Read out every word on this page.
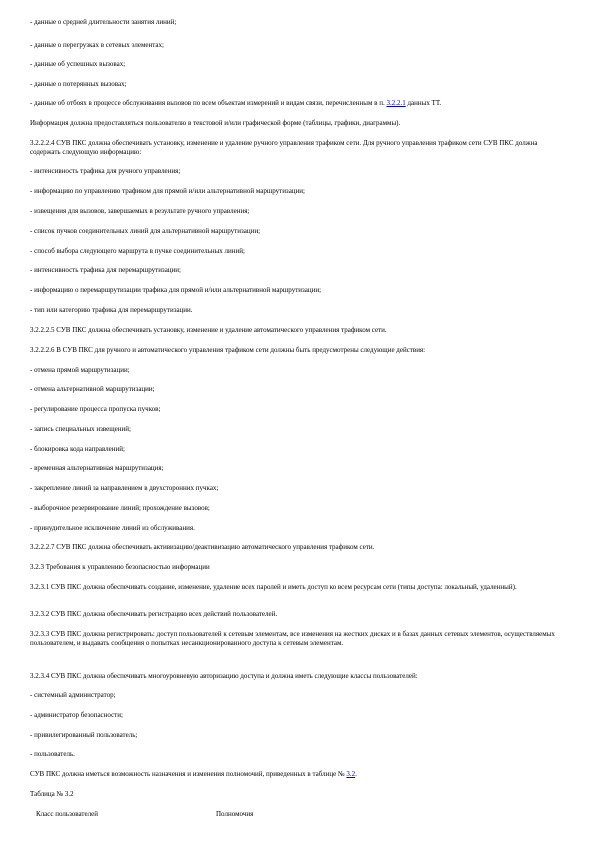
- данные о средней длительности занятия линий;

- данные о перегрузках в сетевых элементах;

- данные об успешных вызовах;

- данные о потерянных вызовах;

- данные об отбоях в процессе обслуживания вызовов по всем объектам измерений и видам связи, перечисленным в п. 3.2.2.1 данных ТТ.

Информация должна предоставляться пользователю в текстовой и/или графической форме (таблицы, графики, диаграммы).

3.2.2.2.4 СУВ ПКС должна обеспечивать установку, изменение и удаление ручного управления трафиком сети. Для ручного управления трафиком сети СУВ ПКС должна содержать следующую информацию:

- интенсивность трафика для ручного управления;

- информацию по управлению трафиком для прямой и/или альтернативной маршрутизации;

- извещения для вызовов, завершаемых в результате ручного управления;

- список пучков соединительных линий для альтернативной маршрутизации;

- способ выбора следующего маршрута в пучке соединительных линий;

- интенсивность трафика для перемаршрутизации;

- информацию о перемаршрутизации трафика для прямой и/или альтернативной маршрутизации;

- тип или категорию трафика для перемаршрутизации.

3.2.2.2.5 СУВ ПКС должна обеспечивать установку, изменение и удаление автоматического управления трафиком сети.

3.2.2.2.6 В СУВ ПКС для ручного и автоматического управления трафиком сети должны быть предусмотрены следующие действия:

- отмена прямой маршрутизации;

- отмена альтернативной маршрутизации;

- регулирование процесса пропуска пучков;

- запись специальных извещений;

- блокировка кода направлений;

- временная альтернативная маршрутизация;

- закрепление линий за направлением в двухсторонних пучках;

- выборочное резервирование линий; прохождение вызовов;

- принудительное исключение линий из обслуживания.

3.2.2.2.7 СУВ ПКС должна обеспечивать активизацию/деактивизацию автоматического управления трафиком сети.

3.2.3 Требования к управлению безопасностью информации

3.2.3.1 СУВ ПКС должна обеспечивать создание, изменение, удаление всех паролей и иметь доступ ко всем ресурсам сети (типы доступа: локальный, удаленный).

3.2.3.2 СУВ ПКС должна обеспечивать регистрацию всех действий пользователей.

3.2.3.3 СУВ ПКС должна регистрировать: доступ пользователей к сетевым элементам, все изменения на жестких дисках и в базах данных сетевых элементов, осуществляемых пользователем, и выдавать сообщения о попытках несанкционированного доступа к сетевым элементам.

3.2.3.4 СУВ ПКС должна обеспечивать многоуровневую авторизацию доступа и должна иметь следующие классы пользователей:

- системный администратор;

- администратор безопасности;

- привилегированный пользователь;

- пользователь.

СУВ ПКС должна иметься возможность назначения и изменения полномочий, приведенных в таблице № 3.2.

Таблица № 3.2

Класс пользователей	Полномочия
